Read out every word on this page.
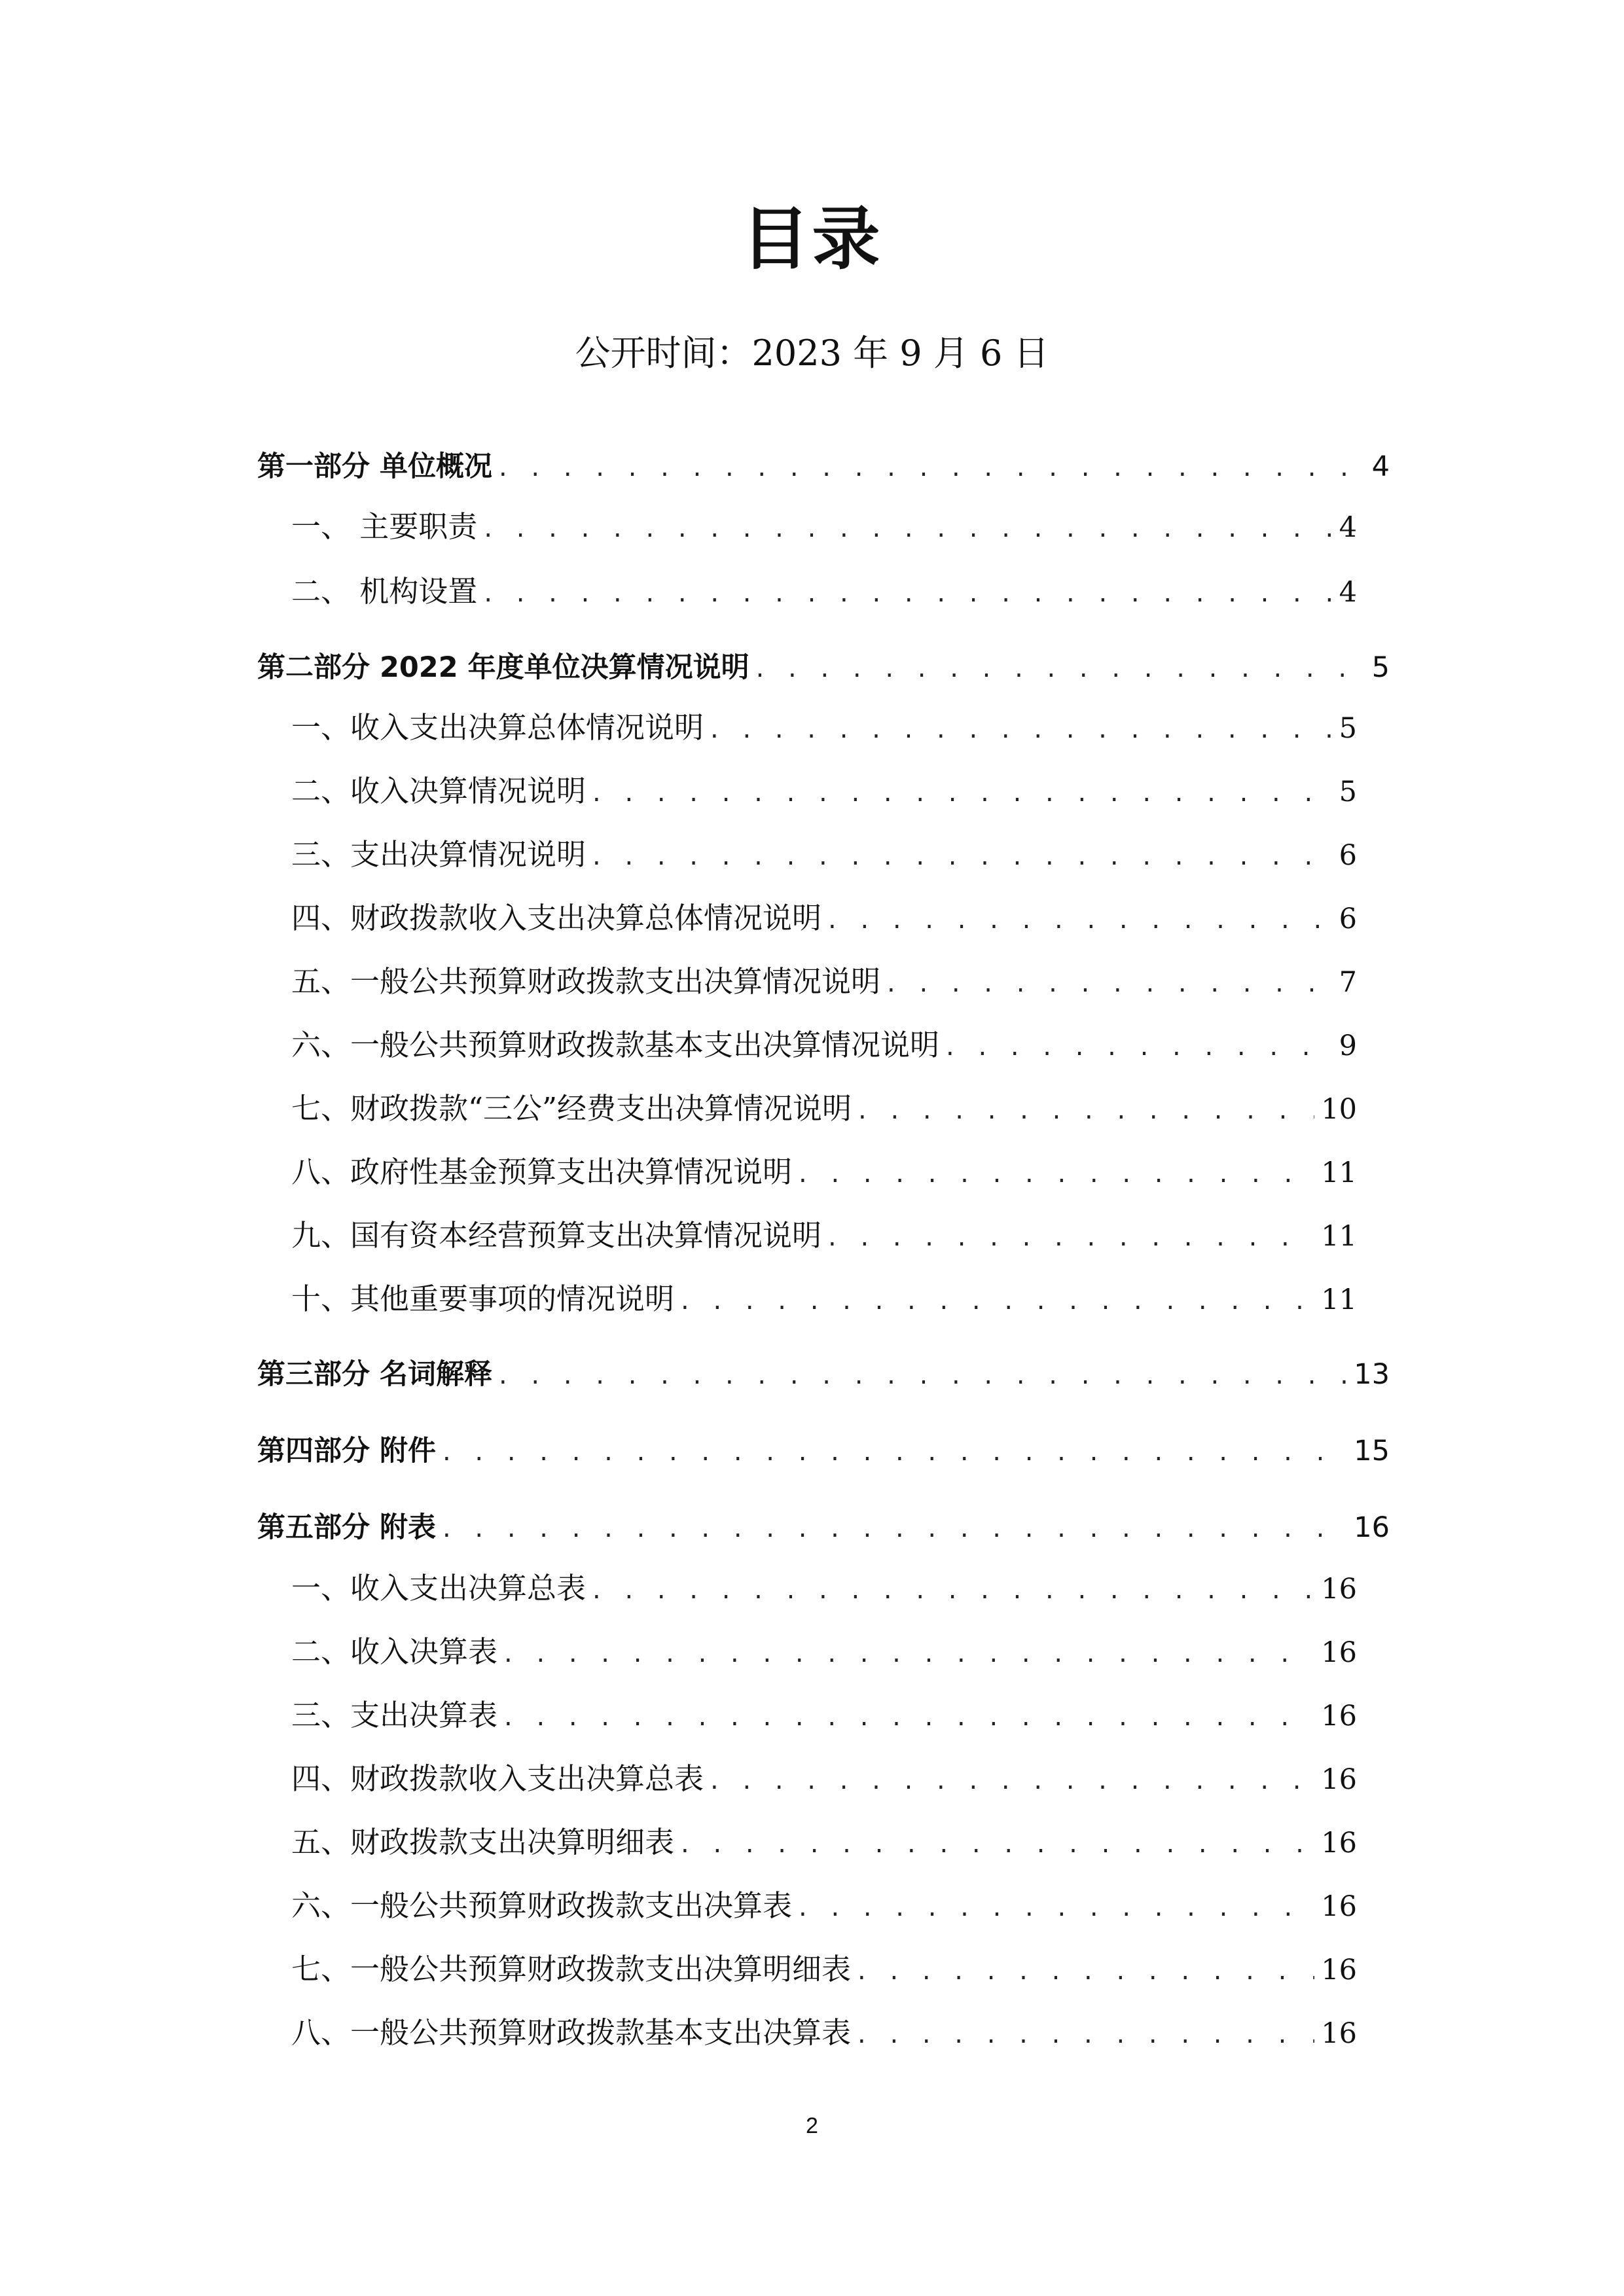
目录
公开时间：2023 年 9 月 6 日
第一部分 单位概况 . . .	4
一、 主要职责 . . .	4
二、 机构设置 . . .	4
第二部分 2022 年度单位决算情况说明 . . .	5
一、收入支出决算总体情况说明 . . .	5
二、收入决算情况说明 . . .	5
三、支出决算情况说明 . . .	6
四、财政拨款收入支出决算总体情况说明 . . .	6
五、一般公共预算财政拨款支出决算情况说明 . . .	7
六、一般公共预算财政拨款基本支出决算情况说明 . . .	9
七、财政拨款“三公”经费支出决算情况说明 . . .	10
八、政府性基金预算支出决算情况说明 . . .	11
九、国有资本经营预算支出决算情况说明 . . .	11
十、其他重要事项的情况说明 . . .	11
第三部分 名词解释 . . .	13
第四部分 附件 . . .	15
第五部分 附表 . . .	16
一、收入支出决算总表 . . .	16
二、收入决算表 . . .	16
三、支出决算表 . . .	16
四、财政拨款收入支出决算总表 . . .	16
五、财政拨款支出决算明细表 . . .	16
六、一般公共预算财政拨款支出决算表 . . .	16
七、一般公共预算财政拨款支出决算明细表 . . .	16
八、一般公共预算财政拨款基本支出决算表 . . .	16
2
